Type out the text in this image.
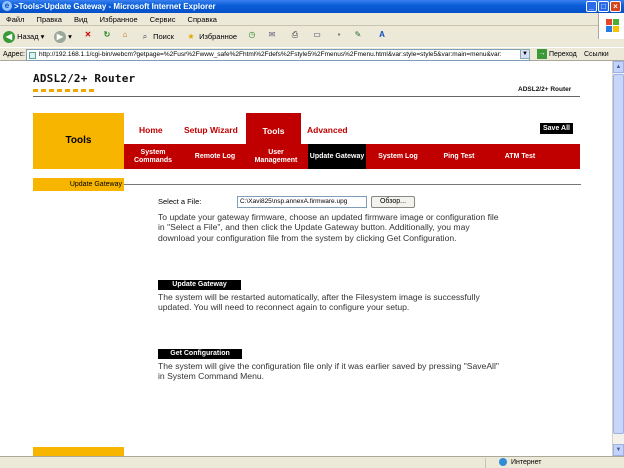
e >Tools>Update Gateway - Microsoft Internet Explorer	_ □ ×
Файл Правка Вид Избранное Сервис Справка
◀ Назад ▾	▶ ▾	✕	↻	⌂	⌕ Поиск	★ Избранное	◷	✉	⎙	▭	▪	✎	A
Адрес:	http://192.168.1.1/cgi-bin/webcm?getpage=%2Fusr%2Fwww_safe%2Fhtml%2Fdefs%2Fstyle5%2Fmenus%2Fmenu.html&var:style=style5&var:main=menu&var:	▼ → Переход Ссылки
ADSL2/2+ Router
ADSL2/2+ Router
Tools
Home	Setup Wizard	Tools	Advanced	Save All
System Commands
Remote Log
User Management
Update Gateway	System Log	Ping Test	ATM Test
Update Gateway
Select a File:	C:\Xavi825\nsp.annexA.firmware.upg	Обзор...
To update your gateway firmware, choose an updated firmware image or configuration file in "Select a File", and then click the Update Gateway button. Additionally, you may download your configuration file from the system by clicking Get Configuration.
Update Gateway
The system will be restarted automatically, after the Filesystem image is successfully updated. You will need to reconnect again to configure your setup.
Get Configuration
The system will give the configuration file only if it was earlier saved by pressing "SaveAll" in System Command Menu.
▲
▼
Интернет
